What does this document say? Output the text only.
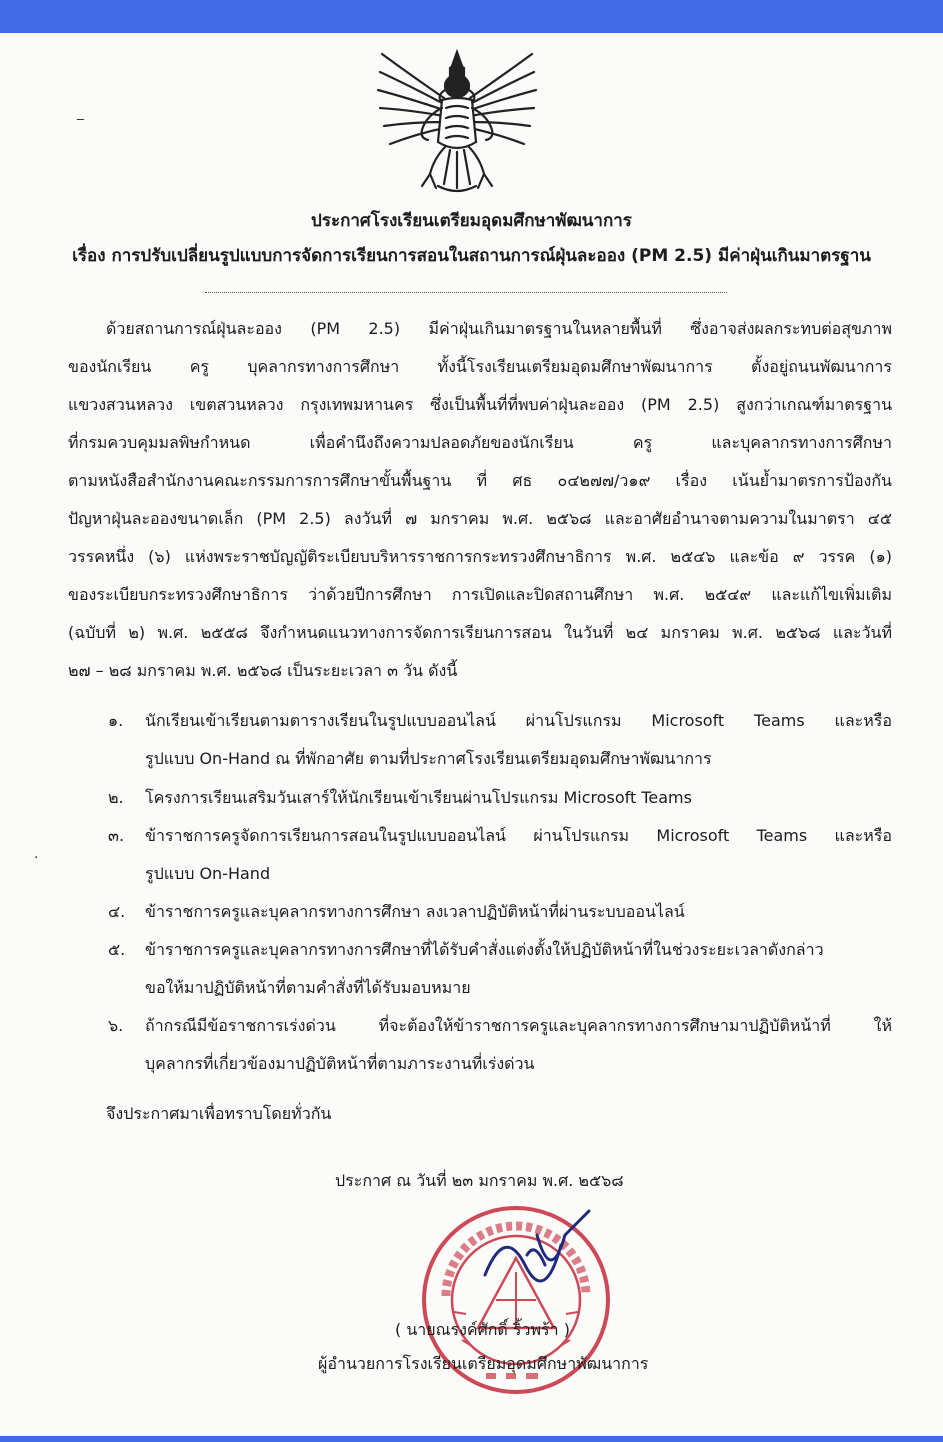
‾
·
ประกาศโรงเรียนเตรียมอุดมศึกษาพัฒนาการ
เรื่อง การปรับเปลี่ยนรูปแบบการจัดการเรียนการสอนในสถานการณ์ฝุ่นละออง (PM 2.5) มีค่าฝุ่นเกินมาตรฐาน
ด้วยสถานการณ์ฝุ่นละออง (PM 2.5) มีค่าฝุ่นเกินมาตรฐานในหลายพื้นที่ ซึ่งอาจส่งผลกระทบต่อสุขภาพ
ของนักเรียน ครู บุคลากรทางการศึกษา ทั้งนี้โรงเรียนเตรียมอุดมศึกษาพัฒนาการ ตั้งอยู่ถนนพัฒนาการ
แขวงสวนหลวง เขตสวนหลวง กรุงเทพมหานคร ซึ่งเป็นพื้นที่ที่พบค่าฝุ่นละออง (PM 2.5) สูงกว่าเกณฑ์มาตรฐาน
ที่กรมควบคุมมลพิษกำหนด เพื่อคำนึงถึงความปลอดภัยของนักเรียน ครู และบุคลากรทางการศึกษา
ตามหนังสือสำนักงานคณะกรรมการการศึกษาขั้นพื้นฐาน ที่ ศธ ๐๔๒๗๗/ว๑๙ เรื่อง เน้นย้ำมาตรการป้องกัน
ปัญหาฝุ่นละอองขนาดเล็ก (PM 2.5) ลงวันที่ ๗ มกราคม พ.ศ. ๒๕๖๘ และอาศัยอำนาจตามความในมาตรา ๔๕
วรรคหนึ่ง (๖) แห่งพระราชบัญญัติระเบียบบริหารราชการกระทรวงศึกษาธิการ พ.ศ. ๒๕๔๖ และข้อ ๙ วรรค (๑)
ของระเบียบกระทรวงศึกษาธิการ ว่าด้วยปีการศึกษา การเปิดและปิดสถานศึกษา พ.ศ. ๒๕๔๙ และแก้ไขเพิ่มเติม
(ฉบับที่ ๒) พ.ศ. ๒๕๕๘ จึงกำหนดแนวทางการจัดการเรียนการสอน ในวันที่ ๒๔ มกราคม พ.ศ. ๒๕๖๘ และวันที่
๒๗ – ๒๘ มกราคม พ.ศ. ๒๕๖๘ เป็นระยะเวลา ๓ วัน ดังนี้
๑. นักเรียนเข้าเรียนตามตารางเรียนในรูปแบบออนไลน์ ผ่านโปรแกรม Microsoft Teams และหรือ
รูปแบบ On-Hand ณ ที่พักอาศัย ตามที่ประกาศโรงเรียนเตรียมอุดมศึกษาพัฒนาการ
๒. โครงการเรียนเสริมวันเสาร์ให้นักเรียนเข้าเรียนผ่านโปรแกรม Microsoft Teams
๓. ข้าราชการครูจัดการเรียนการสอนในรูปแบบออนไลน์ ผ่านโปรแกรม Microsoft Teams และหรือ
รูปแบบ On-Hand
๔. ข้าราชการครูและบุคลากรทางการศึกษา ลงเวลาปฏิบัติหน้าที่ผ่านระบบออนไลน์
๕. ข้าราชการครูและบุคลากรทางการศึกษาที่ได้รับคำสั่งแต่งตั้งให้ปฏิบัติหน้าที่ในช่วงระยะเวลาดังกล่าว
ขอให้มาปฏิบัติหน้าที่ตามคำสั่งที่ได้รับมอบหมาย
๖. ถ้ากรณีมีข้อราชการเร่งด่วน ที่จะต้องให้ข้าราชการครูและบุคลากรทางการศึกษามาปฏิบัติหน้าที่ ให้
บุคลากรที่เกี่ยวข้องมาปฏิบัติหน้าที่ตามภาระงานที่เร่งด่วน
จึงประกาศมาเพื่อทราบโดยทั่วกัน
ประกาศ ณ วันที่ ๒๓ มกราคม พ.ศ. ๒๕๖๘
( นายณรงค์ศักดิ์ ริ้วพร้า )
ผู้อำนวยการโรงเรียนเตรียมอุดมศึกษาพัฒนาการ
